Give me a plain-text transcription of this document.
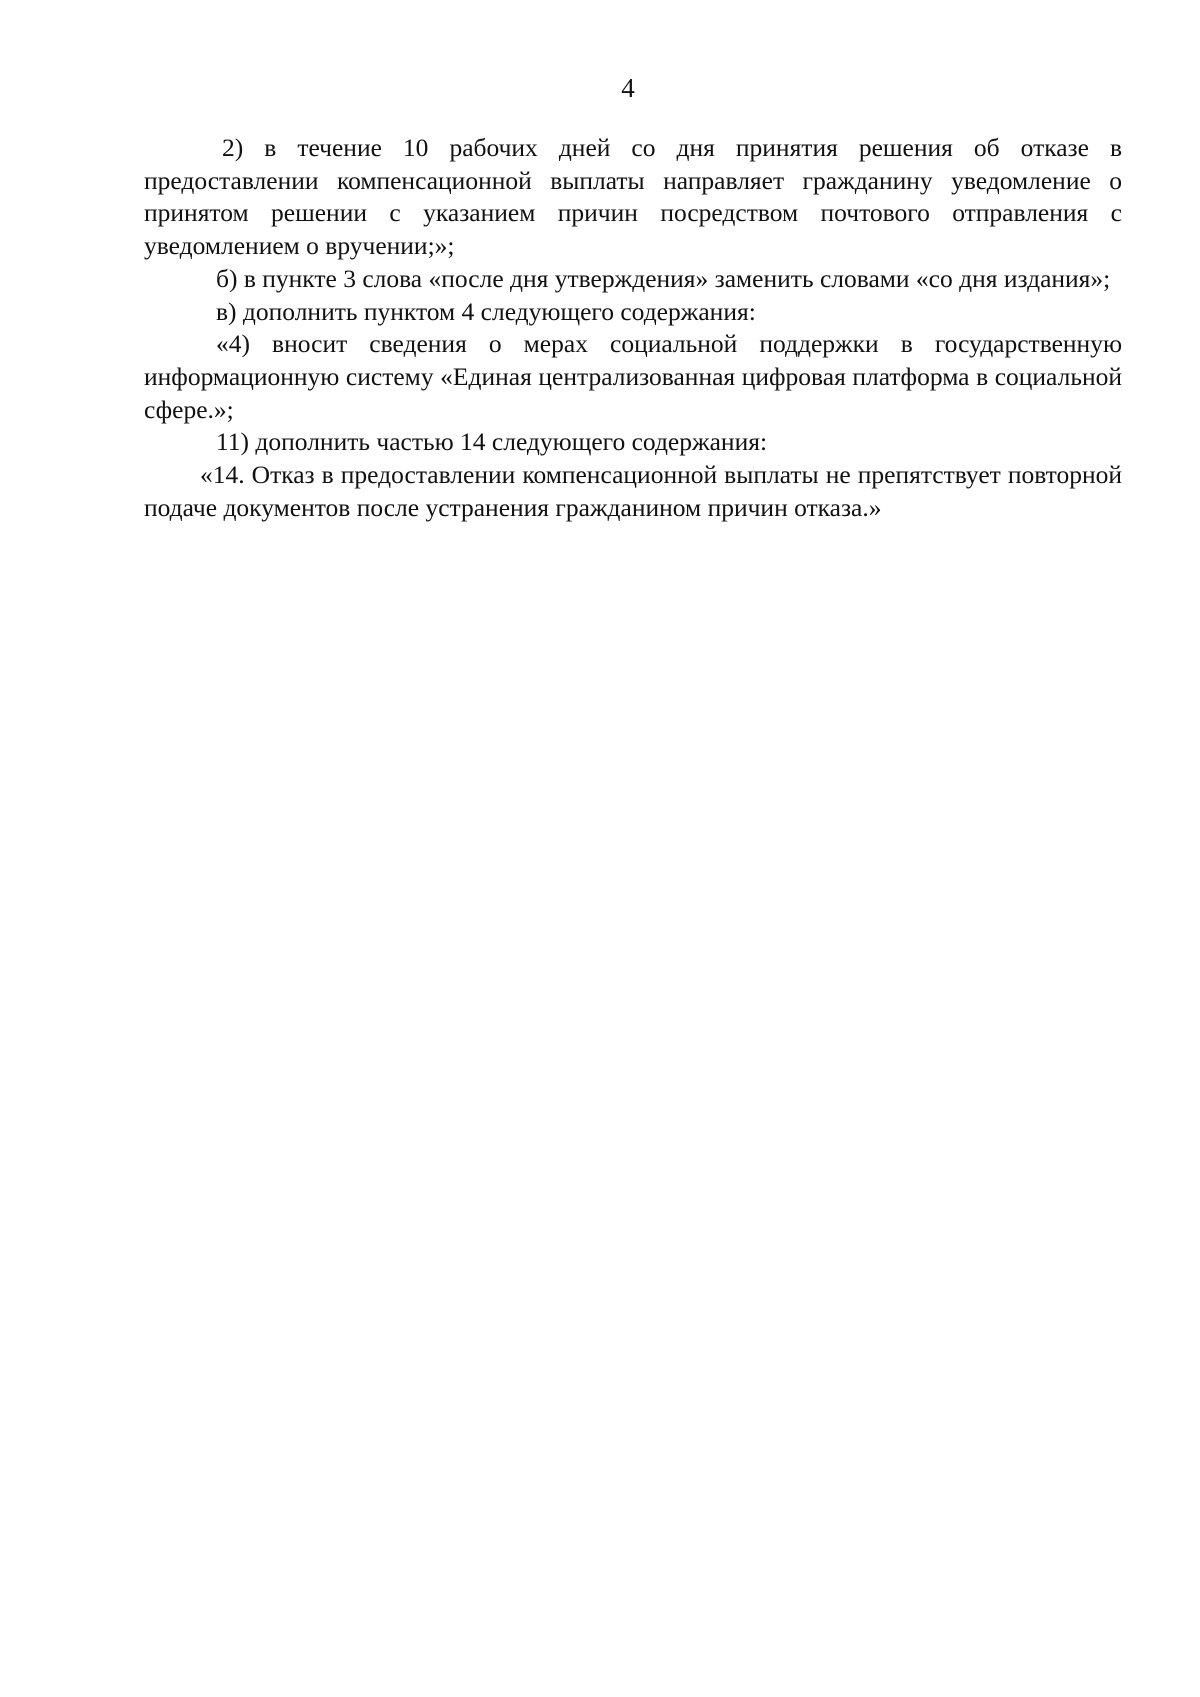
4

2) в течение 10 рабочих дней со дня принятия решения об отказе в предоставлении компенсационной выплаты направляет гражданину уведомление о принятом решении с указанием причин посредством почтового отправления с уведомлением о вручении;»;

б) в пункте 3 слова «после дня утверждения» заменить словами «со дня издания»;

в) дополнить пунктом 4 следующего содержания:

«4) вносит сведения о мерах социальной поддержки в государственную информационную систему «Единая централизованная цифровая платформа в социальной сфере.»;

11) дополнить частью 14 следующего содержания:

«14. Отказ в предоставлении компенсационной выплаты не препятствует повторной подаче документов после устранения гражданином причин отказа.»
